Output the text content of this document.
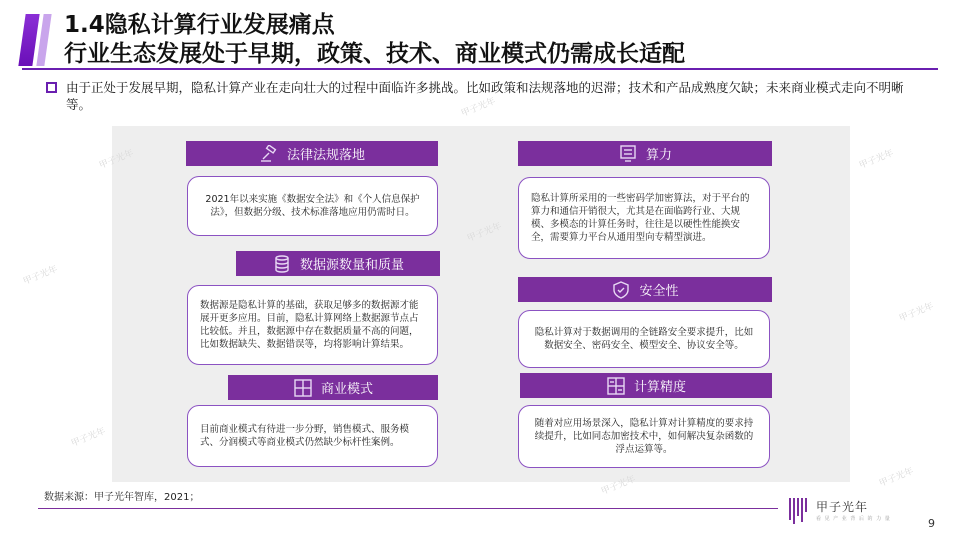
1.4隐私计算行业发展痛点
行业生态发展处于早期，政策、技术、商业模式仍需成长适配
由于正处于发展早期，隐私计算产业在走向壮大的过程中面临许多挑战。比如政策和法规落地的迟滞；技术和产品成熟度欠缺；未来商业模式走向不明晰等。
法律法规落地
2021年以来实施《数据安全法》和《个人信息保护法》，但数据分级、技术标准落地应用仍需时日。
数据源数量和质量
数据源是隐私计算的基础，获取足够多的数据源才能展开更多应用。目前，隐私计算网络上数据源节点占比较低。并且，数据源中存在数据质量不高的问题，比如数据缺失、数据错误等，均将影响计算结果。
商业模式
目前商业模式有待进一步分野，销售模式、服务模式、分润模式等商业模式仍然缺少标杆性案例。
算力
隐私计算所采用的一些密码学加密算法，对于平台的算力和通信开销很大，尤其是在面临跨行业、大规模、多模态的计算任务时，往往是以硬性性能换安全，需要算力平台从通用型向专精型演进。
安全性
隐私计算对于数据调用的全链路安全要求提升，比如数据安全、密码安全、模型安全、协议安全等。
计算精度
随着对应用场景深入，隐私计算对计算精度的要求持续提升，比如同态加密技术中，如何解决复杂函数的浮点运算等。
甲子光年
甲子光年
甲子光年
甲子光年
甲子光年
甲子光年
甲子光年
甲子光年	甲子光年
数据来源：甲子光年智库，2021；
甲子光年
看 见 产 业 背 后 的 力 量	9
